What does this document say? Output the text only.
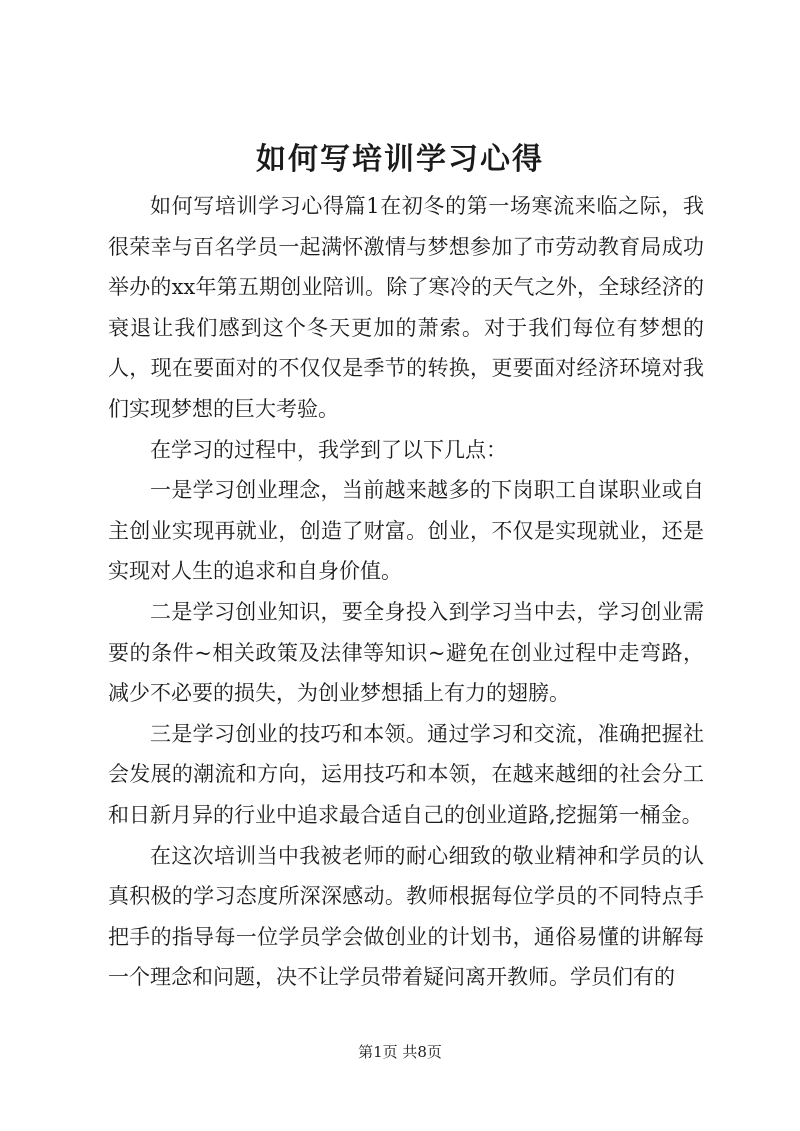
如何写培训学习心得

如何写培训学习心得篇1在初冬的第一场寒流来临之际，我很荣幸与百名学员一起满怀激情与梦想参加了市劳动教育局成功举办的xx年第五期创业陪训。除了寒冷的天气之外，全球经济的衰退让我们感到这个冬天更加的萧索。对于我们每位有梦想的人，现在要面对的不仅仅是季节的转换，更要面对经济环境对我们实现梦想的巨大考验。

在学习的过程中，我学到了以下几点：

一是学习创业理念，当前越来越多的下岗职工自谋职业或自主创业实现再就业，创造了财富。创业，不仅是实现就业，还是实现对人生的追求和自身价值。

二是学习创业知识，要全身投入到学习当中去，学习创业需要的条件~相关政策及法律等知识~避免在创业过程中走弯路，减少不必要的损失，为创业梦想插上有力的翅膀。

三是学习创业的技巧和本领。通过学习和交流，准确把握社会发展的潮流和方向，运用技巧和本领，在越来越细的社会分工和日新月异的行业中追求最合适自己的创业道路,挖掘第一桶金。

在这次培训当中我被老师的耐心细致的敬业精神和学员的认真积极的学习态度所深深感动。教师根据每位学员的不同特点手把手的指导每一位学员学会做创业的计划书，通俗易懂的讲解每一个理念和问题，决不让学员带着疑问离开教师。学员们有的

第1页 共8页
